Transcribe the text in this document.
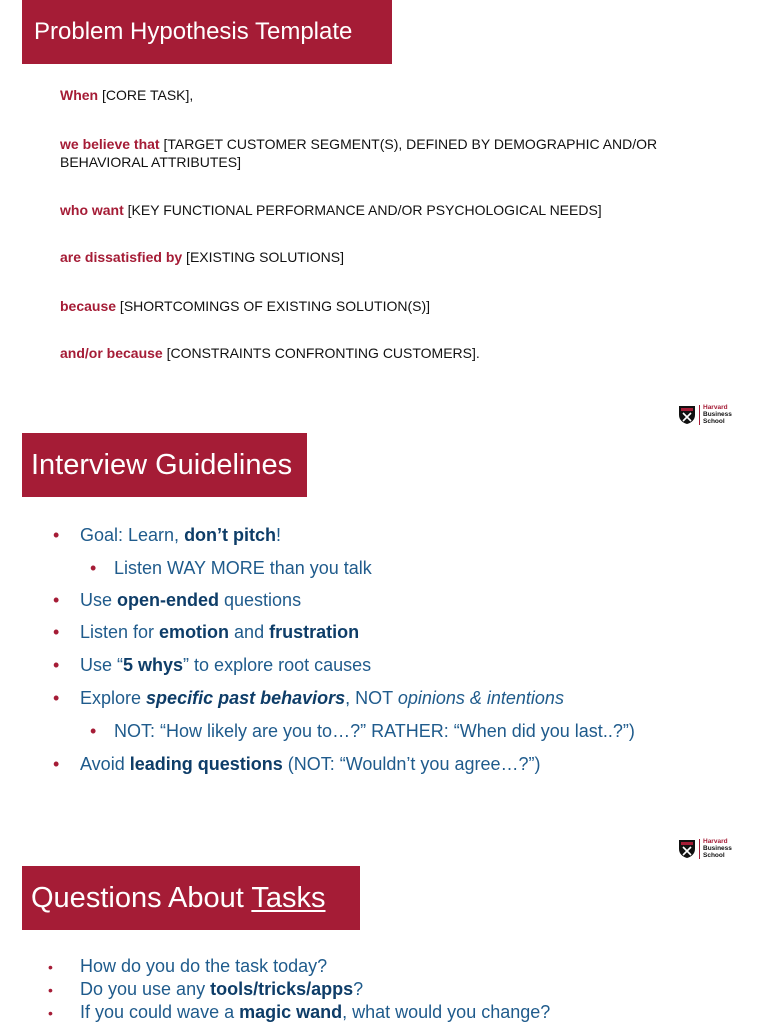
Problem Hypothesis Template

When [CORE TASK],

we believe that [TARGET CUSTOMER SEGMENT(S), DEFINED BY DEMOGRAPHIC AND/OR BEHAVIORAL ATTRIBUTES]

who want [KEY FUNCTIONAL PERFORMANCE AND/OR PSYCHOLOGICAL NEEDS]

are dissatisfied by [EXISTING SOLUTIONS]

because [SHORTCOMINGS OF EXISTING SOLUTION(S)]

and/or because [CONSTRAINTS CONFRONTING CUSTOMERS].

Harvard
Business
School
Interview Guidelines
• Goal: Learn, don’t pitch!
• Listen WAY MORE than you talk
• Use open-ended questions
• Listen for emotion and frustration
• Use “5 whys” to explore root causes
• Explore specific past behaviors, NOT opinions & intentions
• NOT: “How likely are you to…?” RATHER: “When did you last..?”)
• Avoid leading questions (NOT: “Wouldn’t you agree…?”)
Harvard
Business
School
Questions About Tasks
• How do you do the task today?
• Do you use any tools/tricks/apps?
• If you could wave a magic wand, what would you change?
